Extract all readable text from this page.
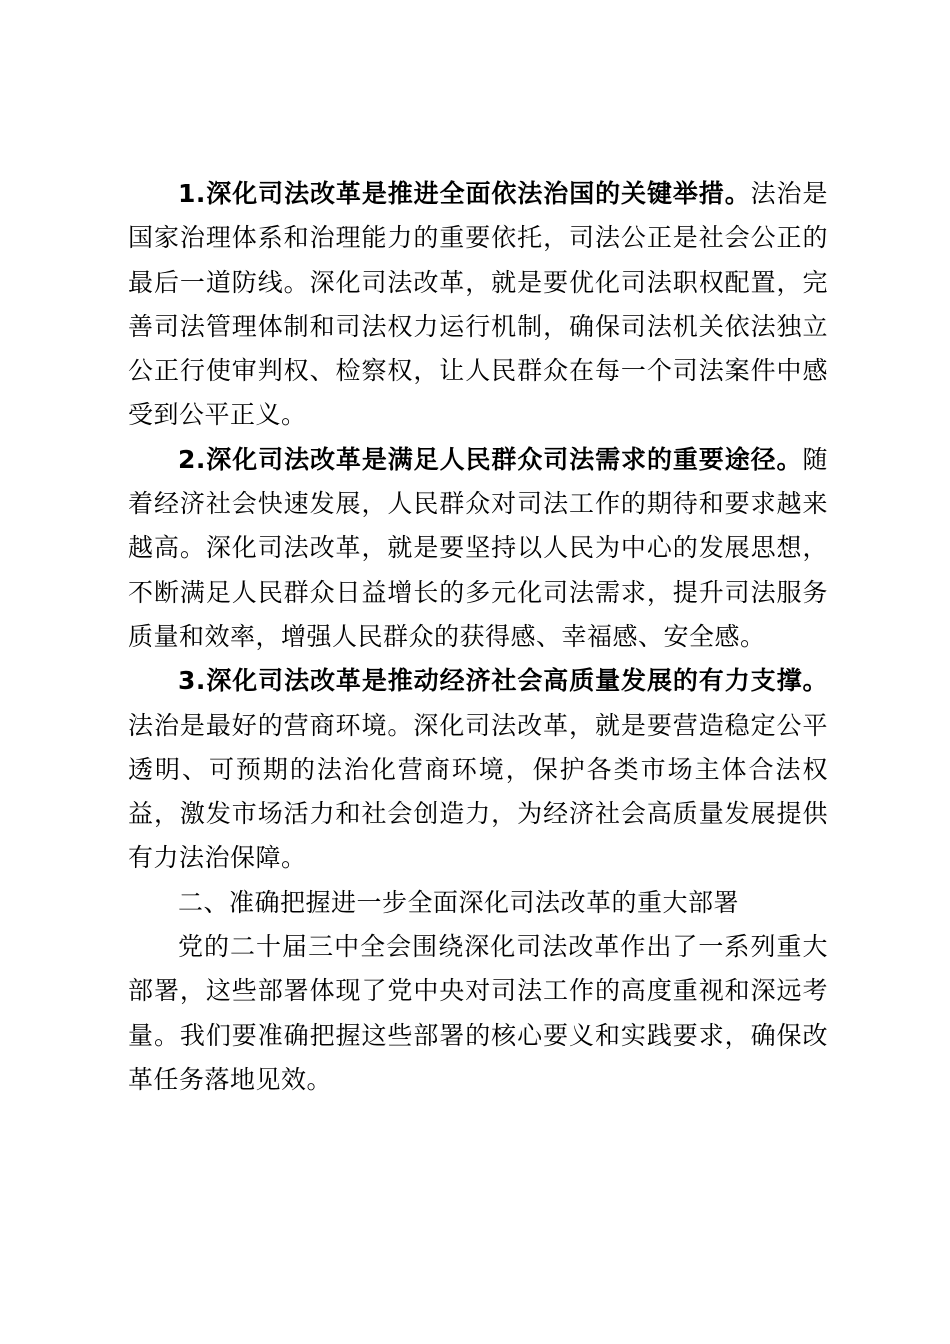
1.深化司法改革是推进全面依法治国的关键举措。法治是国家治理体系和治理能力的重要依托，司法公正是社会公正的最后一道防线。深化司法改革，就是要优化司法职权配置，完善司法管理体制和司法权力运行机制，确保司法机关依法独立公正行使审判权、检察权，让人民群众在每一个司法案件中感受到公平正义。

2.深化司法改革是满足人民群众司法需求的重要途径。随着经济社会快速发展，人民群众对司法工作的期待和要求越来越高。深化司法改革，就是要坚持以人民为中心的发展思想，不断满足人民群众日益增长的多元化司法需求，提升司法服务质量和效率，增强人民群众的获得感、幸福感、安全感。

3.深化司法改革是推动经济社会高质量发展的有力支撑。法治是最好的营商环境。深化司法改革，就是要营造稳定公平透明、可预期的法治化营商环境，保护各类市场主体合法权益，激发市场活力和社会创造力，为经济社会高质量发展提供有力法治保障。

二、准确把握进一步全面深化司法改革的重大部署

党的二十届三中全会围绕深化司法改革作出了一系列重大部署，这些部署体现了党中央对司法工作的高度重视和深远考量。我们要准确把握这些部署的核心要义和实践要求，确保改革任务落地见效。
